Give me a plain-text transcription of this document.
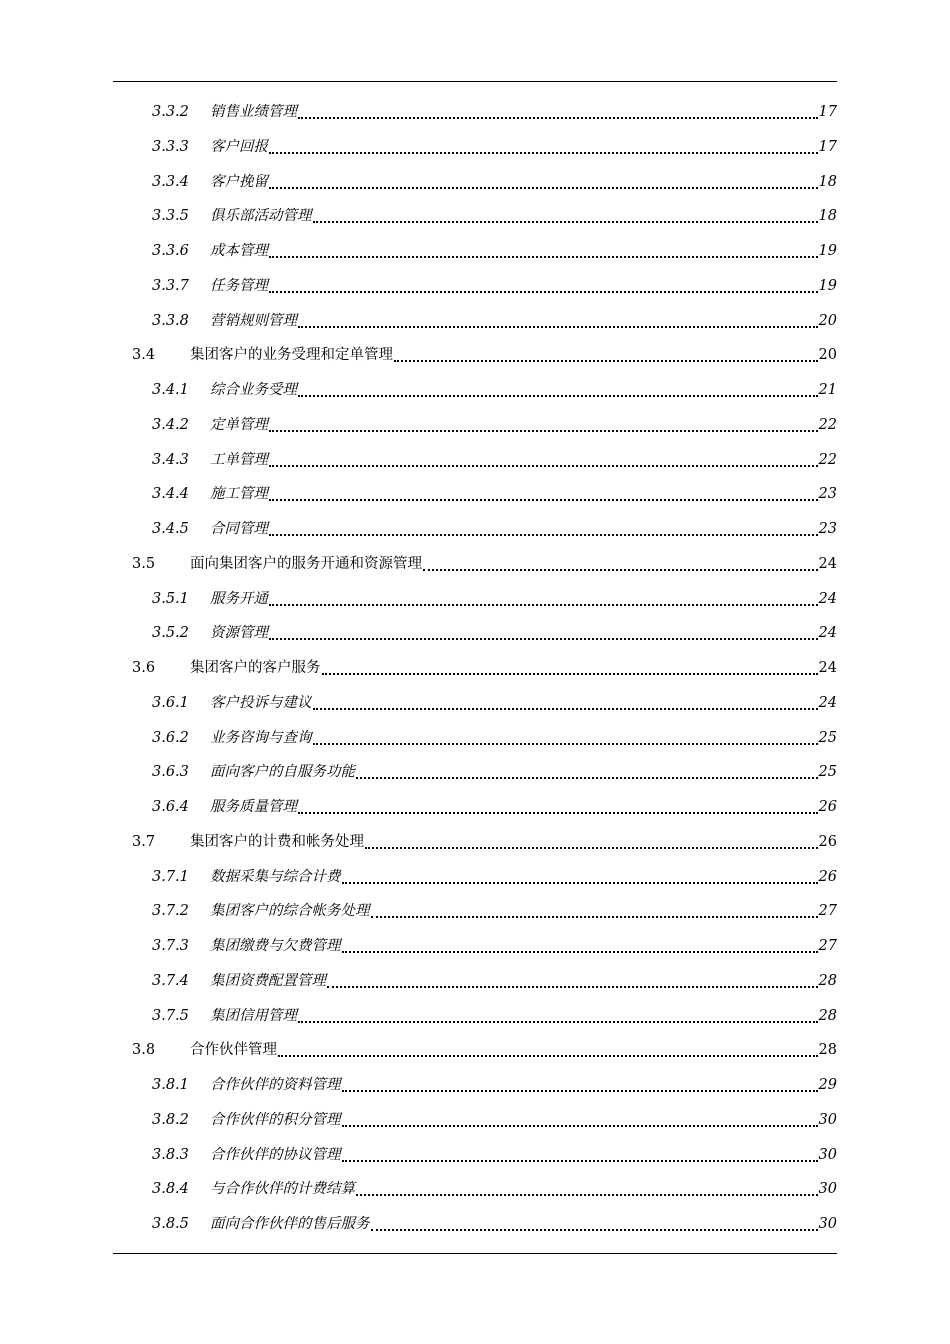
3.3.2	销售业绩管理	17
3.3.3	客户回报	17
3.3.4	客户挽留	18
3.3.5	俱乐部活动管理	18
3.3.6	成本管理	19
3.3.7	任务管理	19
3.3.8	营销规则管理	20
3.4	集团客户的业务受理和定单管理	20
3.4.1	综合业务受理	21
3.4.2	定单管理	22
3.4.3	工单管理	22
3.4.4	施工管理	23
3.4.5	合同管理	23
3.5	面向集团客户的服务开通和资源管理	24
3.5.1	服务开通	24
3.5.2	资源管理	24
3.6	集团客户的客户服务	24
3.6.1	客户投诉与建议	24
3.6.2	业务咨询与查询	25
3.6.3	面向客户的自服务功能	25
3.6.4	服务质量管理	26
3.7	集团客户的计费和帐务处理	26
3.7.1	数据采集与综合计费	26
3.7.2	集团客户的综合帐务处理	27
3.7.3	集团缴费与欠费管理	27
3.7.4	集团资费配置管理	28
3.7.5	集团信用管理	28
3.8	合作伙伴管理	28
3.8.1	合作伙伴的资料管理	29
3.8.2	合作伙伴的积分管理	30
3.8.3	合作伙伴的协议管理	30
3.8.4	与合作伙伴的计费结算	30
3.8.5	面向合作伙伴的售后服务	30
